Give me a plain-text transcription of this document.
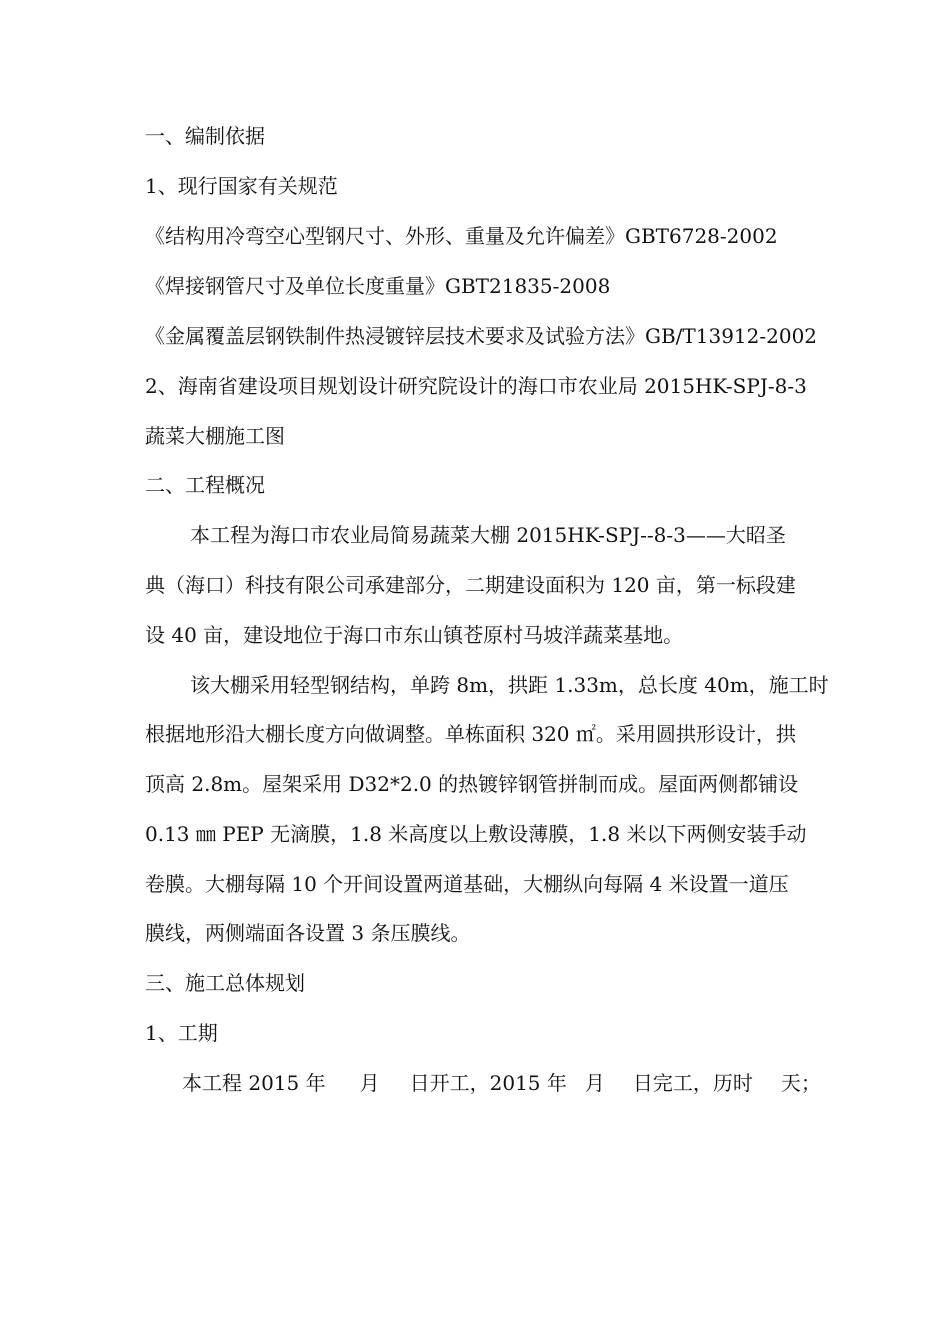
一、编制依据
1、现行国家有关规范
《结构用冷弯空心型钢尺寸、外形、重量及允许偏差》GBT6728-2002
《焊接钢管尺寸及单位长度重量》GBT21835-2008
《金属覆盖层钢铁制件热浸镀锌层技术要求及试验方法》GB/T13912-2002
2、海南省建设项目规划设计研究院设计的海口市农业局 2015HK-SPJ-8-3
蔬菜大棚施工图
二、工程概况
本工程为海口市农业局简易蔬菜大棚 2015HK-SPJ--8-3——大昭圣
典（海口）科技有限公司承建部分，二期建设面积为 120 亩，第一标段建
设 40 亩，建设地位于海口市东山镇苍原村马坡洋蔬菜基地。
该大棚采用轻型钢结构，单跨 8m，拱距 1.33m，总长度 40m，施工时
根据地形沿大棚长度方向做调整。单栋面积 320 ㎡。采用圆拱形设计，拱
顶高 2.8m。屋架采用 D32*2.0 的热镀锌钢管拼制而成。屋面两侧都铺设
0.13 ㎜ PEP 无滴膜，1.8 米高度以上敷设薄膜，1.8 米以下两侧安装手动
卷膜。大棚每隔 10 个开间设置两道基础，大棚纵向每隔 4 米设置一道压
膜线，两侧端面各设置 3 条压膜线。
三、施工总体规划
1、工期
本工程 2015 年 月 日开工，2015 年 月 日完工，历时 天；
